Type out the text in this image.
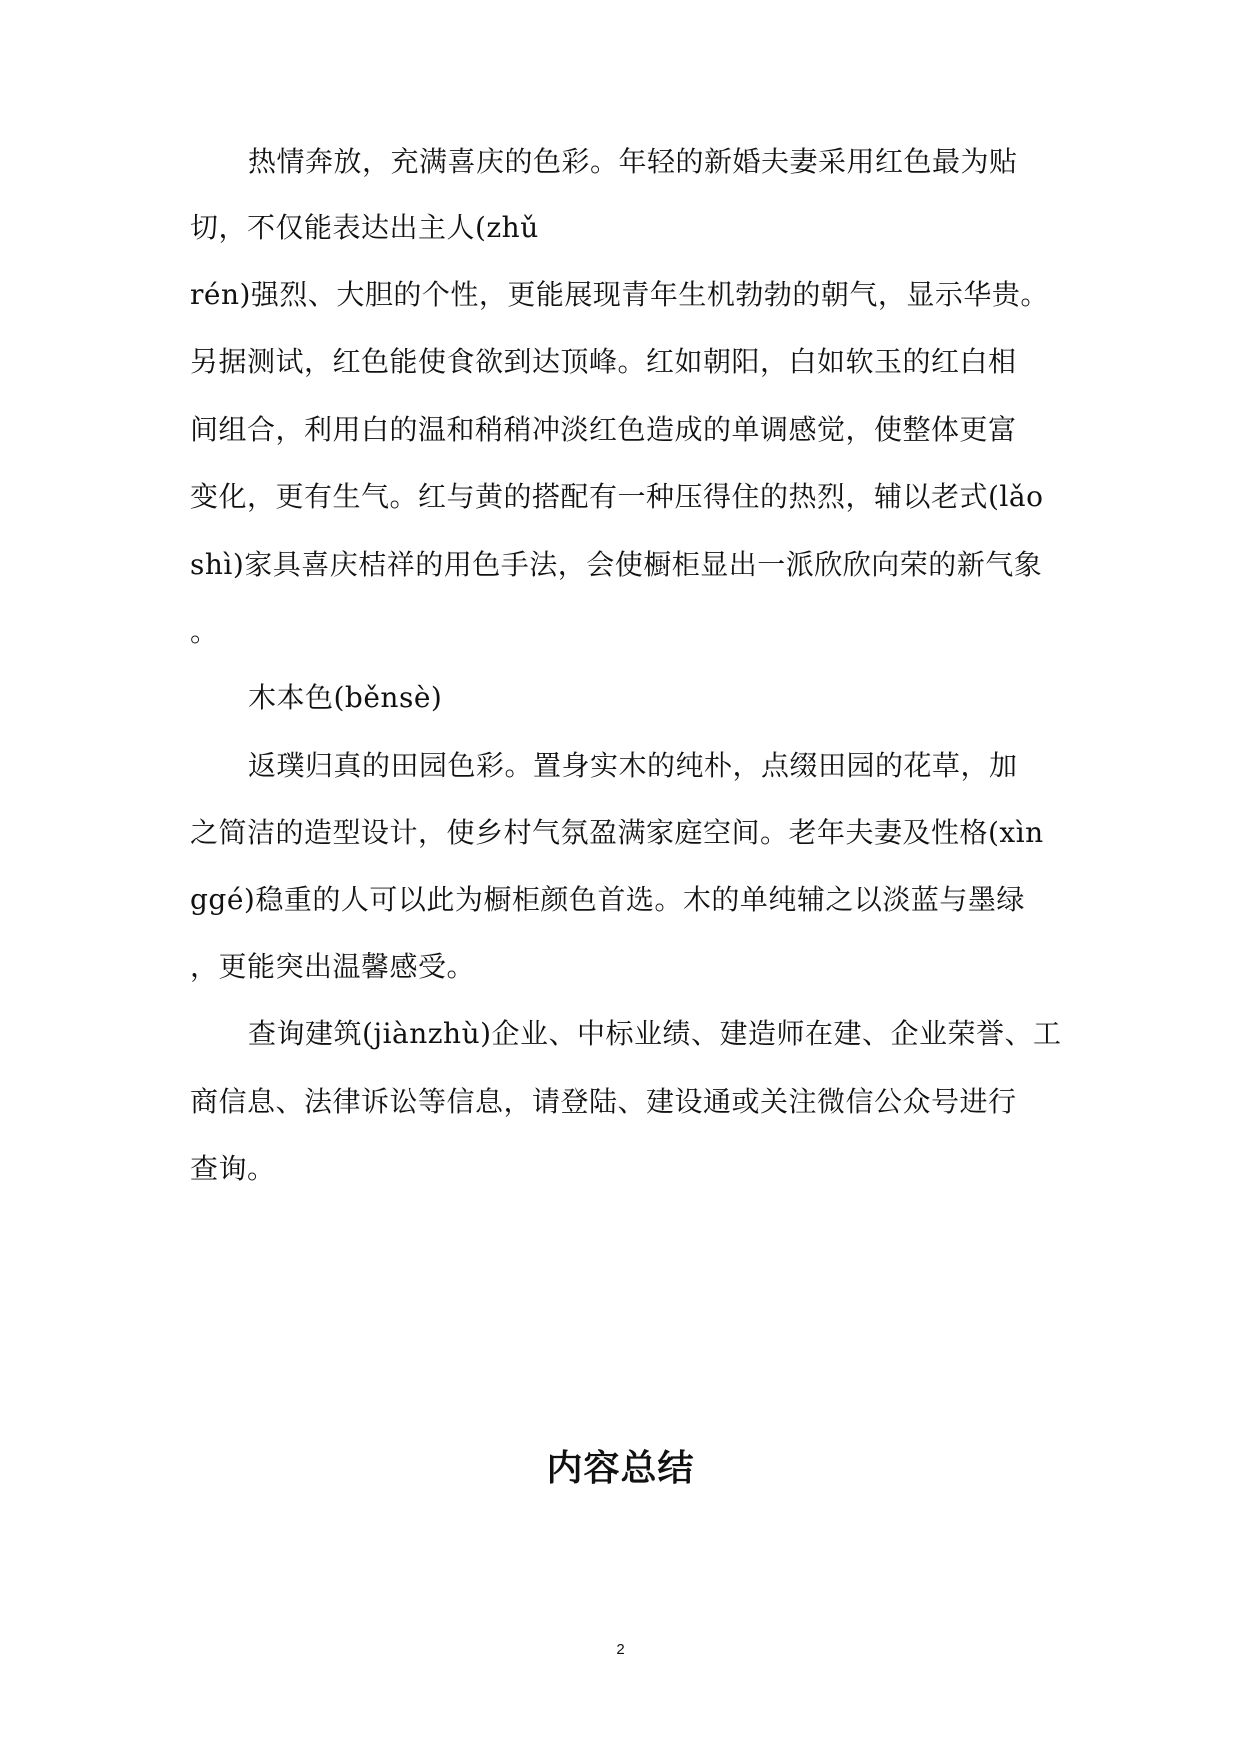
热情奔放，充满喜庆的色彩。年轻的新婚夫妻采用红色最为贴
切，不仅能表达出主人(zhǔ
rén)强烈、大胆的个性，更能展现青年生机勃勃的朝气，显示华贵。
另据测试，红色能使食欲到达顶峰。红如朝阳，白如软玉的红白相
间组合，利用白的温和稍稍冲淡红色造成的单调感觉，使整体更富
变化，更有生气。红与黄的搭配有一种压得住的热烈，辅以老式(lǎo
shì)家具喜庆桔祥的用色手法，会使橱柜显出一派欣欣向荣的新气象
。
木本色(běnsè)
返璞归真的田园色彩。置身实木的纯朴，点缀田园的花草，加
之简洁的造型设计，使乡村气氛盈满家庭空间。老年夫妻及性格(xìn
ggé)稳重的人可以此为橱柜颜色首选。木的单纯辅之以淡蓝与墨绿
，更能突出温馨感受。
查询建筑(jiànzhù)企业、中标业绩、建造师在建、企业荣誉、工
商信息、法律诉讼等信息，请登陆、建设通或关注微信公众号进行
查询。
内容总结
2
